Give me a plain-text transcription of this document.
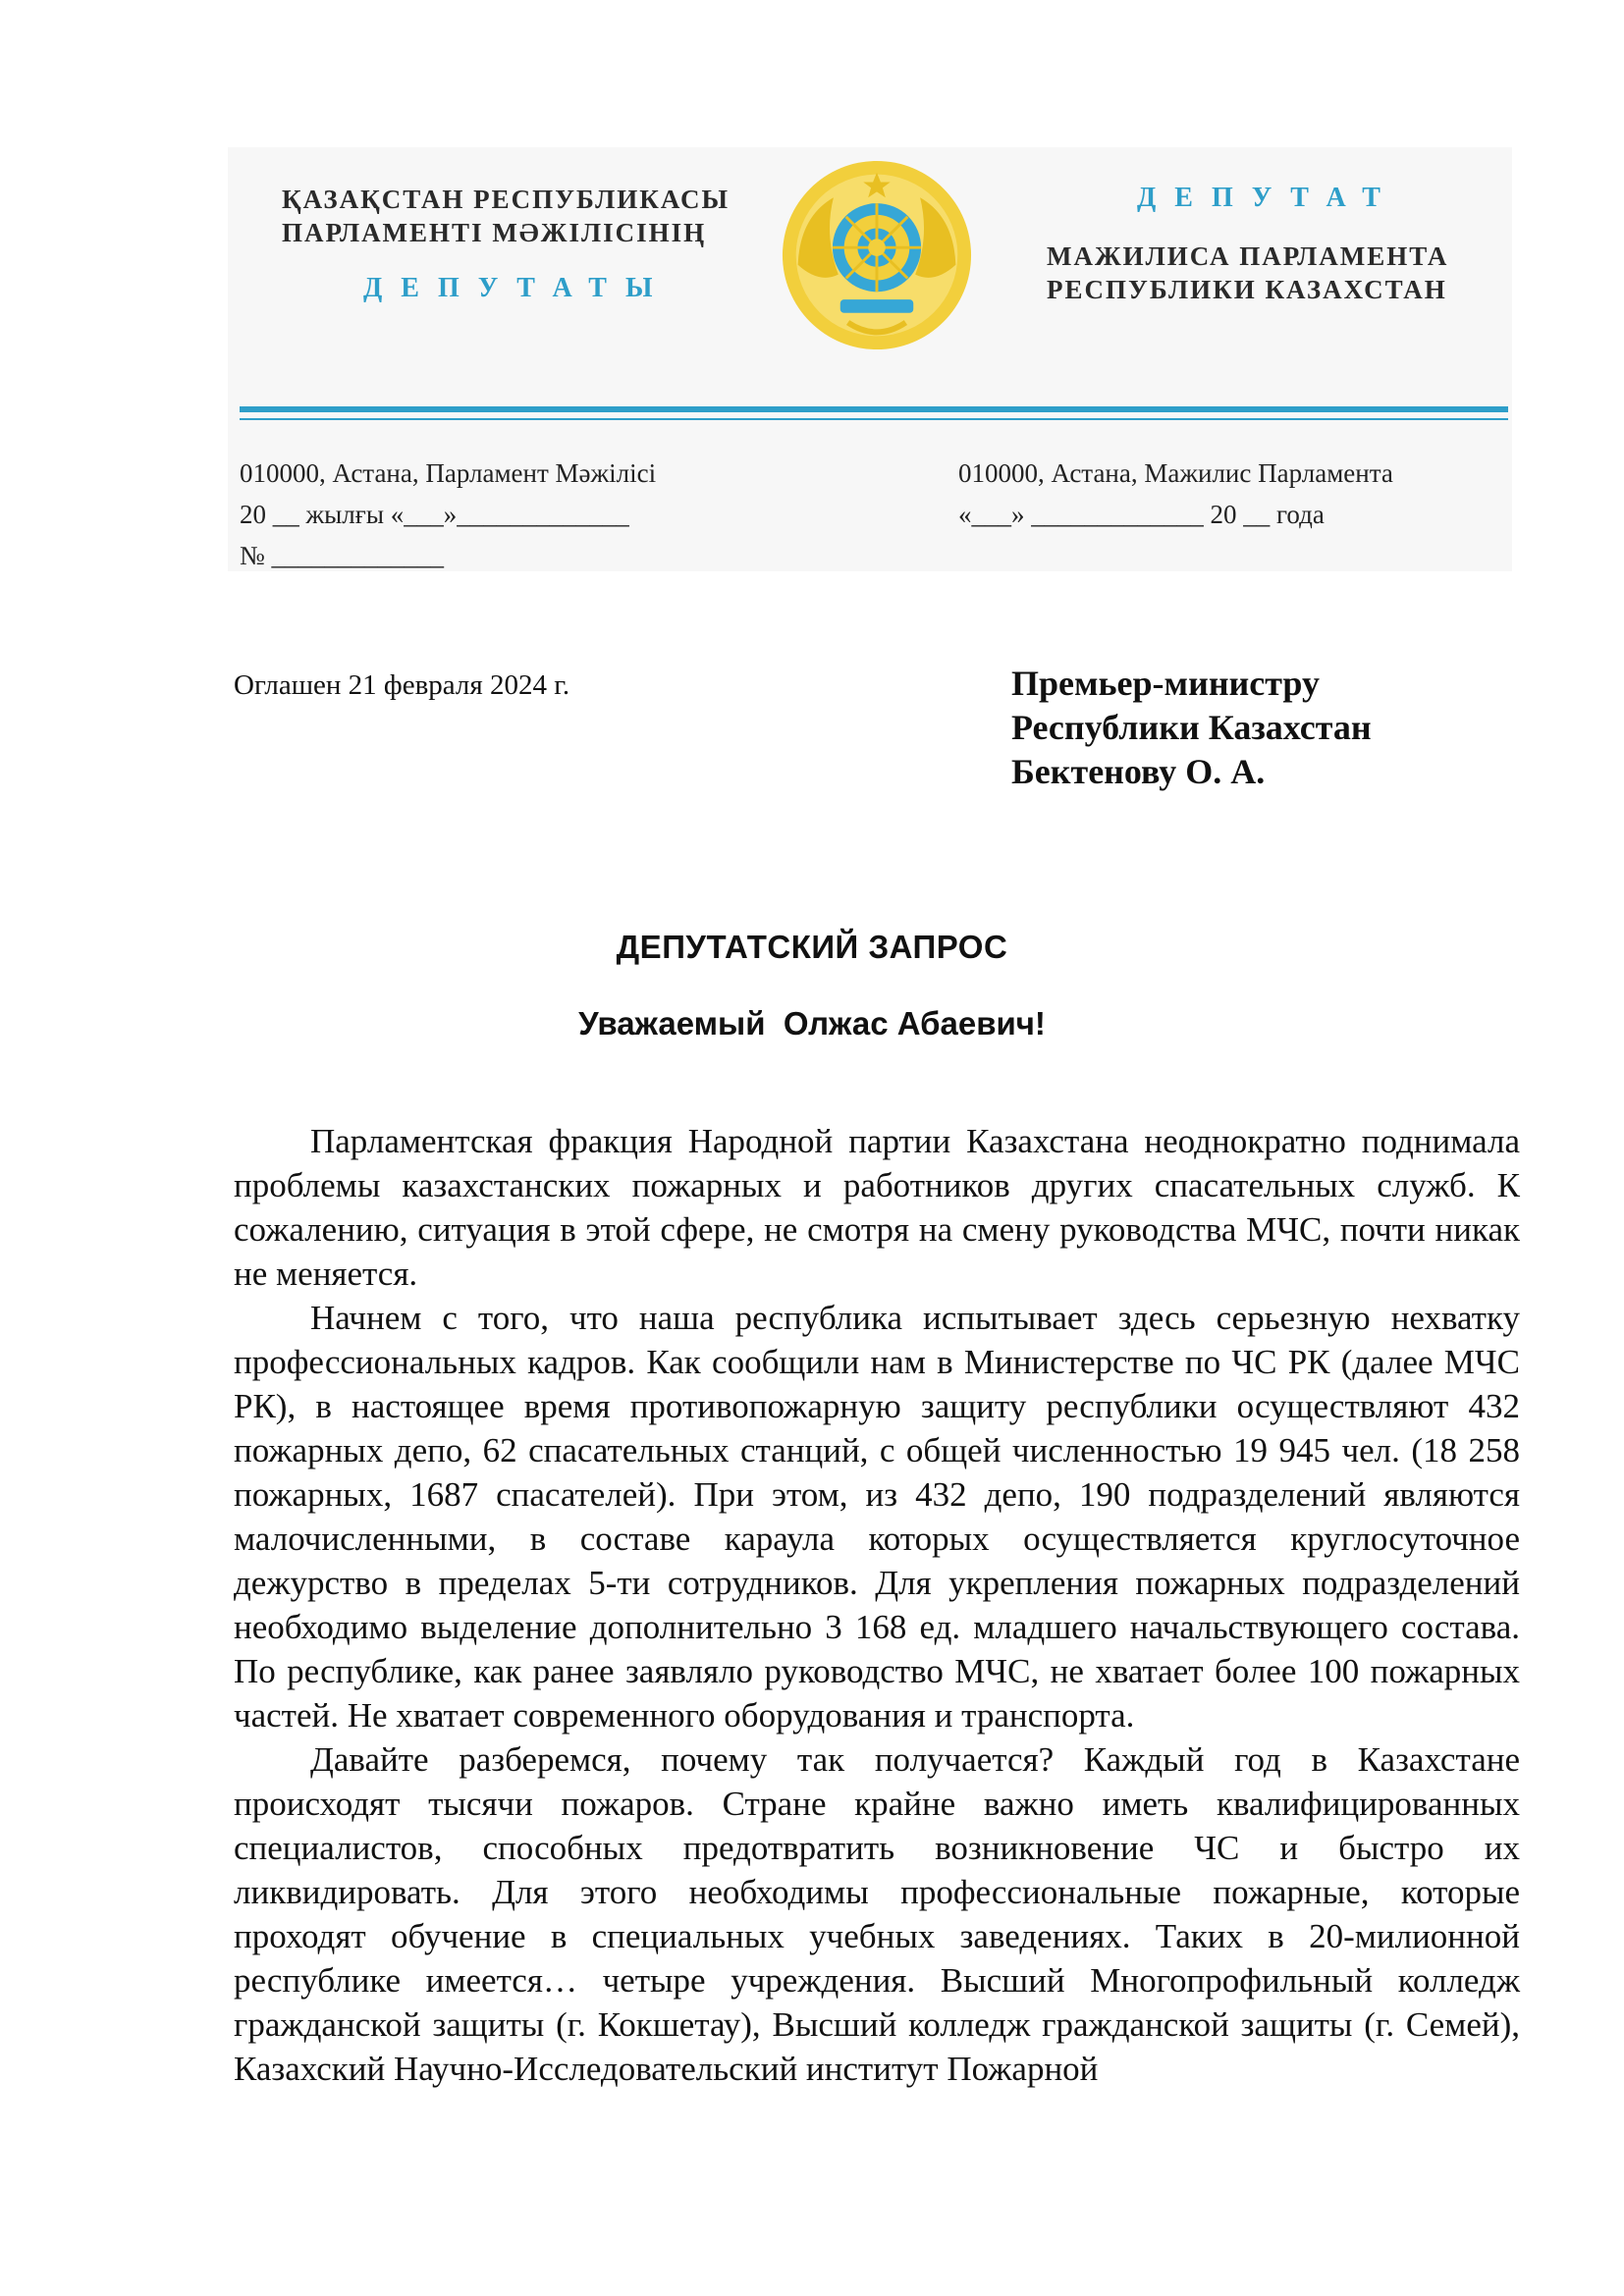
ҚАЗАҚСТАН РЕСПУБЛИКАСЫ
ПАРЛАМЕНТІ МӘЖІЛІСІНІҢ
ДЕПУТАТЫ
ДЕПУТАТ
МАЖИЛИСА ПАРЛАМЕНТА
РЕСПУБЛИКИ КАЗАХСТАН
010000, Астана, Парламент Мәжілісі
20 __ жылғы «___»_____________
№ _____________
010000, Астана, Мажилис Парламента
«___» _____________ 20 __ года
Оглашен 21 февраля 2024 г.	Премьер-министру
Республики Казахстан
Бектенову О. А.
ДЕПУТАТСКИЙ ЗАПРОС
Уважаемый  Олжас Абаевич!

Парламентская фракция Народной партии Казахстана неоднократно поднимала проблемы казахстанских пожарных и работников других спасательных служб. К сожалению, ситуация в этой сфере, не смотря на смену руководства МЧС, почти никак не меняется.

Начнем с того, что наша республика испытывает здесь серьезную нехватку профессиональных кадров. Как сообщили нам в Министерстве по ЧС РК (далее МЧС РК), в настоящее время противопожарную защиту республики осуществляют 432 пожарных депо, 62 спасательных станций, с общей численностью 19 945 чел. (18 258 пожарных, 1687 спасателей). При этом, из 432 депо, 190 подразделений являются малочисленными, в составе караула которых осуществляется круглосуточное дежурство в пределах 5-ти сотрудников. Для укрепления пожарных подразделений необходимо выделение дополнительно 3 168 ед. младшего начальствующего состава. По республике, как ранее заявляло руководство МЧС, не хватает более 100 пожарных частей. Не хватает современного оборудования и транспорта.

Давайте разберемся, почему так получается? Каждый год в Казахстане происходят тысячи пожаров. Стране крайне важно иметь квалифицированных специалистов, способных предотвратить возникновение ЧС и быстро их ликвидировать. Для этого необходимы профессиональные пожарные, которые проходят обучение в специальных учебных заведениях. Таких в 20-милионной республике имеется… четыре учреждения. Высший Многопрофильный колледж гражданской защиты (г. Кокшетау), Высший колледж гражданской защиты (г. Семей), Казахский Научно-Исследовательский институт Пожарной
